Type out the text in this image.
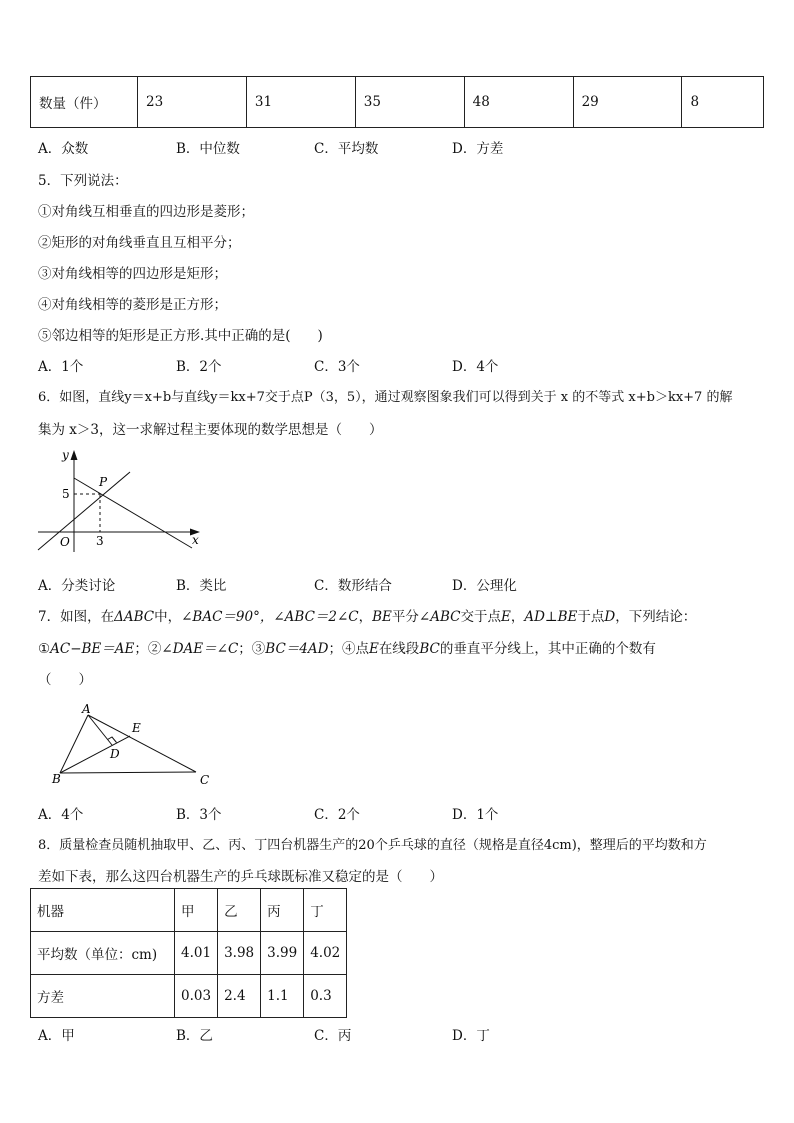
数量（件）	23	31	35	48	29	8
A．众数	B．中位数	C．平均数	D．方差
5．下列说法：
①对角线互相垂直的四边形是菱形；
②矩形的对角线垂直且互相平分；
③对角线相等的四边形是矩形；
④对角线相等的菱形是正方形；
⑤邻边相等的矩形是正方形.其中正确的是(　　)
A．1个	B．2个	C．3个	D．4个
6．如图，直线y＝x+b与直线y＝kx+7交于点P（3，5），通过观察图象我们可以得到关于 x 的不等式 x+b＞kx+7 的解
集为 x＞3，这一求解过程主要体现的数学思想是（　　）
y
x
O
P
5
3
A．分类讨论	B．类比	C．数形结合	D．公理化
7．如图，在ΔABC中，∠BAC＝90°，∠ABC＝2∠C，BE平分∠ABC交于点E，AD⊥BE于点D，下列结论：
①AC−BE＝AE；②∠DAE＝∠C；③BC＝4AD；④点E在线段BC的垂直平分线上，其中正确的个数有
（　　）
A
B	C
D
E
A．4个	B．3个	C．2个	D．1个
8．质量检查员随机抽取甲、乙、丙、丁四台机器生产的20个乒乓球的直径（规格是直径4cm)，整理后的平均数和方
差如下表，那么这四台机器生产的乒乓球既标准又稳定的是（　　）
机器	甲	乙	丙	丁
平均数（单位：cm)	4.01	3.98	3.99	4.02
方差	0.03	2.4	1.1	0.3
A．甲	B．乙	C．丙	D．丁
